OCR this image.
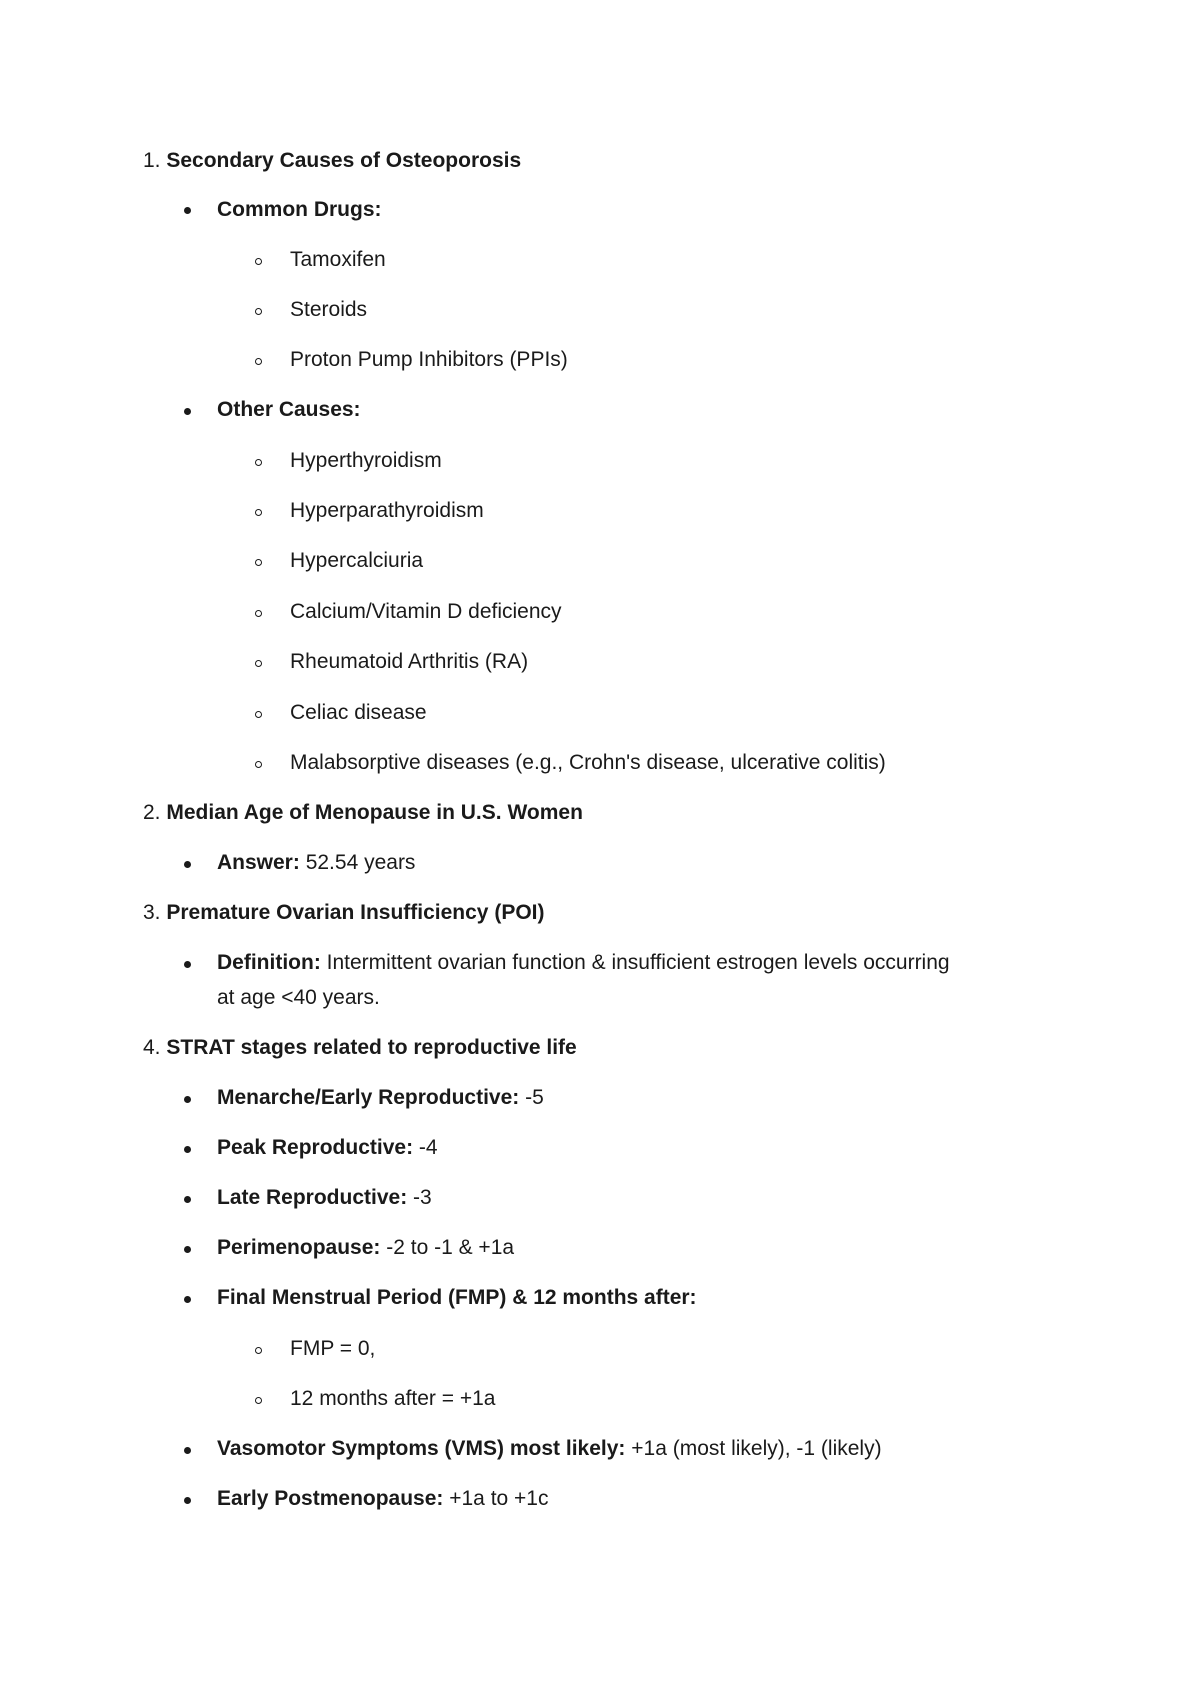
1. Secondary Causes of Osteoporosis
Common Drugs:
Tamoxifen
Steroids
Proton Pump Inhibitors (PPIs)
Other Causes:
Hyperthyroidism
Hyperparathyroidism
Hypercalciuria
Calcium/Vitamin D deficiency
Rheumatoid Arthritis (RA)
Celiac disease
Malabsorptive diseases (e.g., Crohn's disease, ulcerative colitis)
2. Median Age of Menopause in U.S. Women
Answer: 52.54 years
3. Premature Ovarian Insufficiency (POI)
Definition: Intermittent ovarian function & insufficient estrogen levels occurring
at age <40 years.
4. STRAT stages related to reproductive life
Menarche/Early Reproductive: -5
Peak Reproductive: -4
Late Reproductive: -3
Perimenopause: -2 to -1 & +1a
Final Menstrual Period (FMP) & 12 months after:
FMP = 0,
12 months after = +1a
Vasomotor Symptoms (VMS) most likely: +1a (most likely), -1 (likely)
Early Postmenopause: +1a to +1c
